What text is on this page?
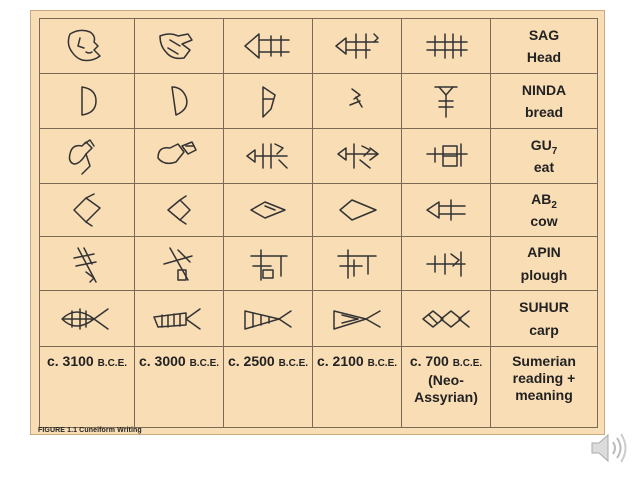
SAG
Head
NINDA
bread
$GU_7$
eat
$AB_2$
cow
APIN
plough
SUHUR
carp
c. 3100 B.C.E. c. 3000 B.C.E. c. 2500 B.C.E. c. 2100 B.C.E. c. 700 B.C.E.
(Neo-
Assyrian)
Sumerian
reading +
meaning
FIGURE 1.1 Cuneiform Writing
